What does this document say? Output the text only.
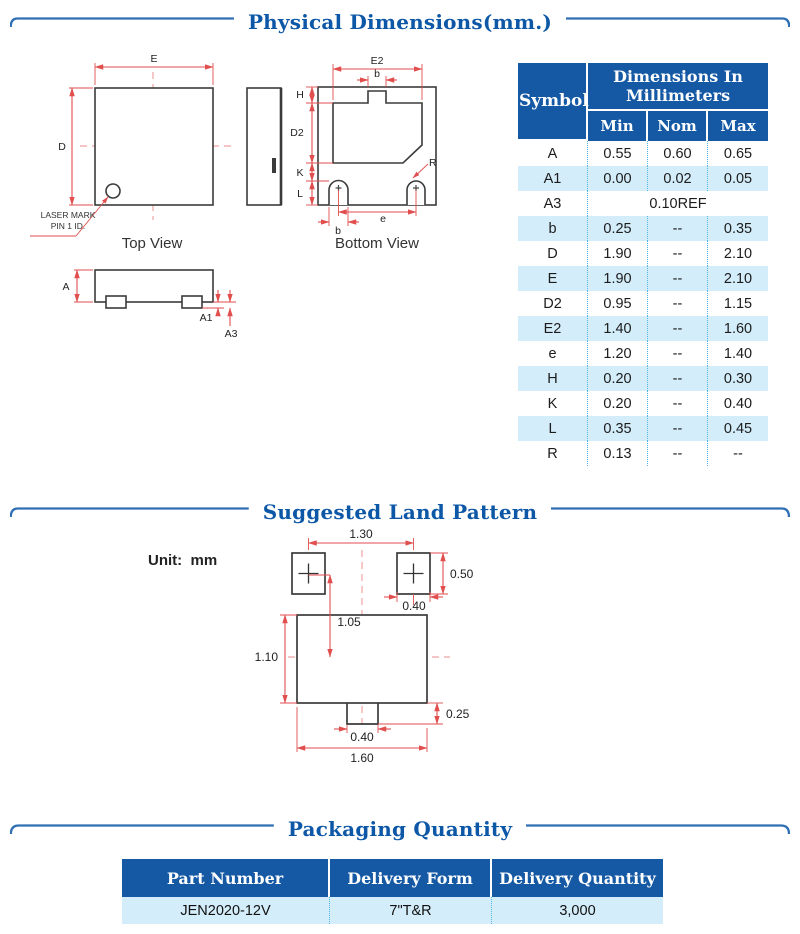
Physical Dimensions(mm.)
E
D
LASER MARK
PIN 1 ID.
Top View
E2
b
H
D2
K
L
e
b
R
Bottom View
A
A1
A3
Symbol	Dimensions In Millimeters		
	Min	Nom	Max
A	0.55	0.60	0.65
A1	0.00	0.02	0.05
A3	0.10REF		
b	0.25	--	0.35
D	1.90	--	2.10
E	1.90	--	2.10
D2	0.95	--	1.15
E2	1.40	--	1.60
e	1.20	--	1.40
H	0.20	--	0.30
K	0.20	--	0.40
L	0.35	--	0.45
R	0.13	--	--
Suggested Land Pattern
Unit:  mm
1.30
0.50
0.40
1.05
1.10
0.25
0.40
1.60
Packaging Quantity
Part Number	Delivery Form	Delivery Quantity
JEN2020-12V	7"T&R	3,000
